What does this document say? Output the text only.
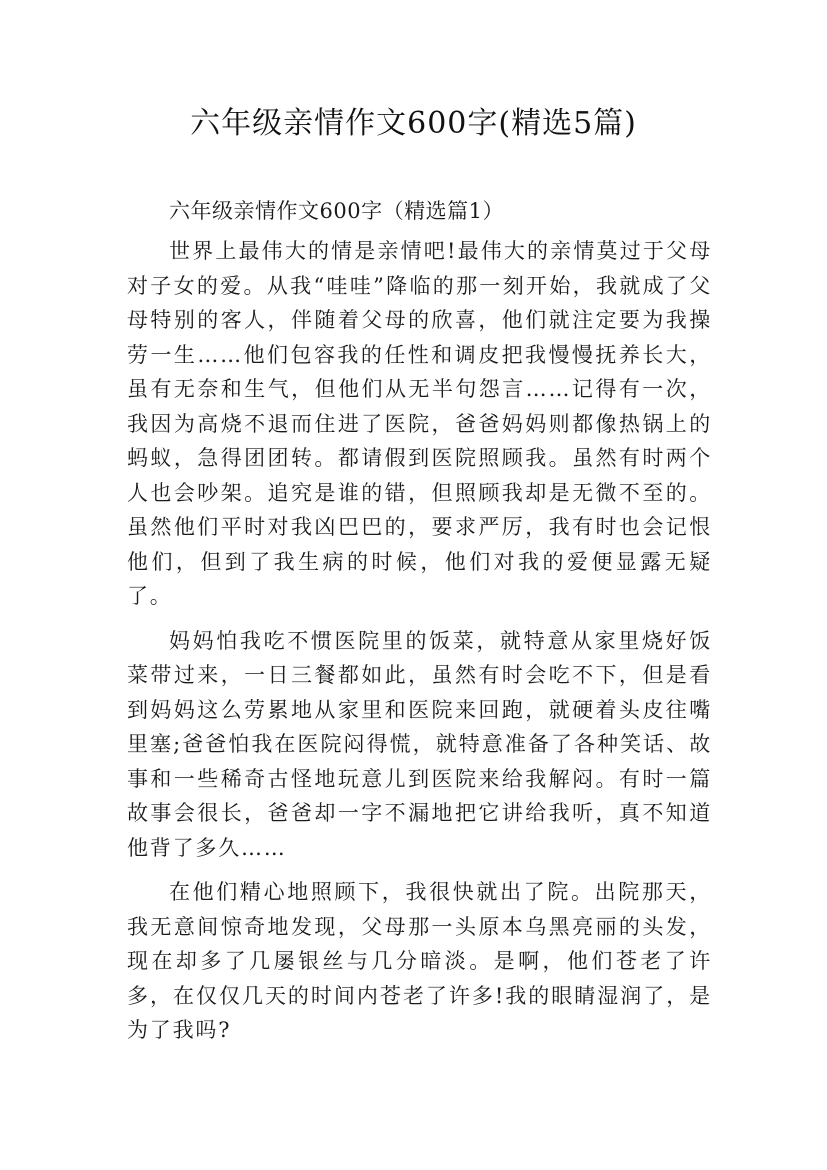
六年级亲情作文600字(精选5篇)

六年级亲情作文600字（精选篇1）

世界上最伟大的情是亲情吧!最伟大的亲情莫过于父母对子女的爱。从我“哇哇”降临的那一刻开始，我就成了父母特别的客人，伴随着父母的欣喜，他们就注定要为我操劳一生……他们包容我的任性和调皮把我慢慢抚养长大，虽有无奈和生气，但他们从无半句怨言……记得有一次，我因为高烧不退而住进了医院，爸爸妈妈则都像热锅上的蚂蚁，急得团团转。都请假到医院照顾我。虽然有时两个人也会吵架。追究是谁的错，但照顾我却是无微不至的。虽然他们平时对我凶巴巴的，要求严厉，我有时也会记恨他们，但到了我生病的时候，他们对我的爱便显露无疑了。

妈妈怕我吃不惯医院里的饭菜，就特意从家里烧好饭菜带过来，一日三餐都如此，虽然有时会吃不下，但是看到妈妈这么劳累地从家里和医院来回跑，就硬着头皮往嘴里塞;爸爸怕我在医院闷得慌，就特意准备了各种笑话、故事和一些稀奇古怪地玩意儿到医院来给我解闷。有时一篇故事会很长，爸爸却一字不漏地把它讲给我听，真不知道他背了多久……

在他们精心地照顾下，我很快就出了院。出院那天，我无意间惊奇地发现，父母那一头原本乌黑亮丽的头发，现在却多了几屡银丝与几分暗淡。是啊，他们苍老了许多，在仅仅几天的时间内苍老了许多!我的眼睛湿润了，是为了我吗?
